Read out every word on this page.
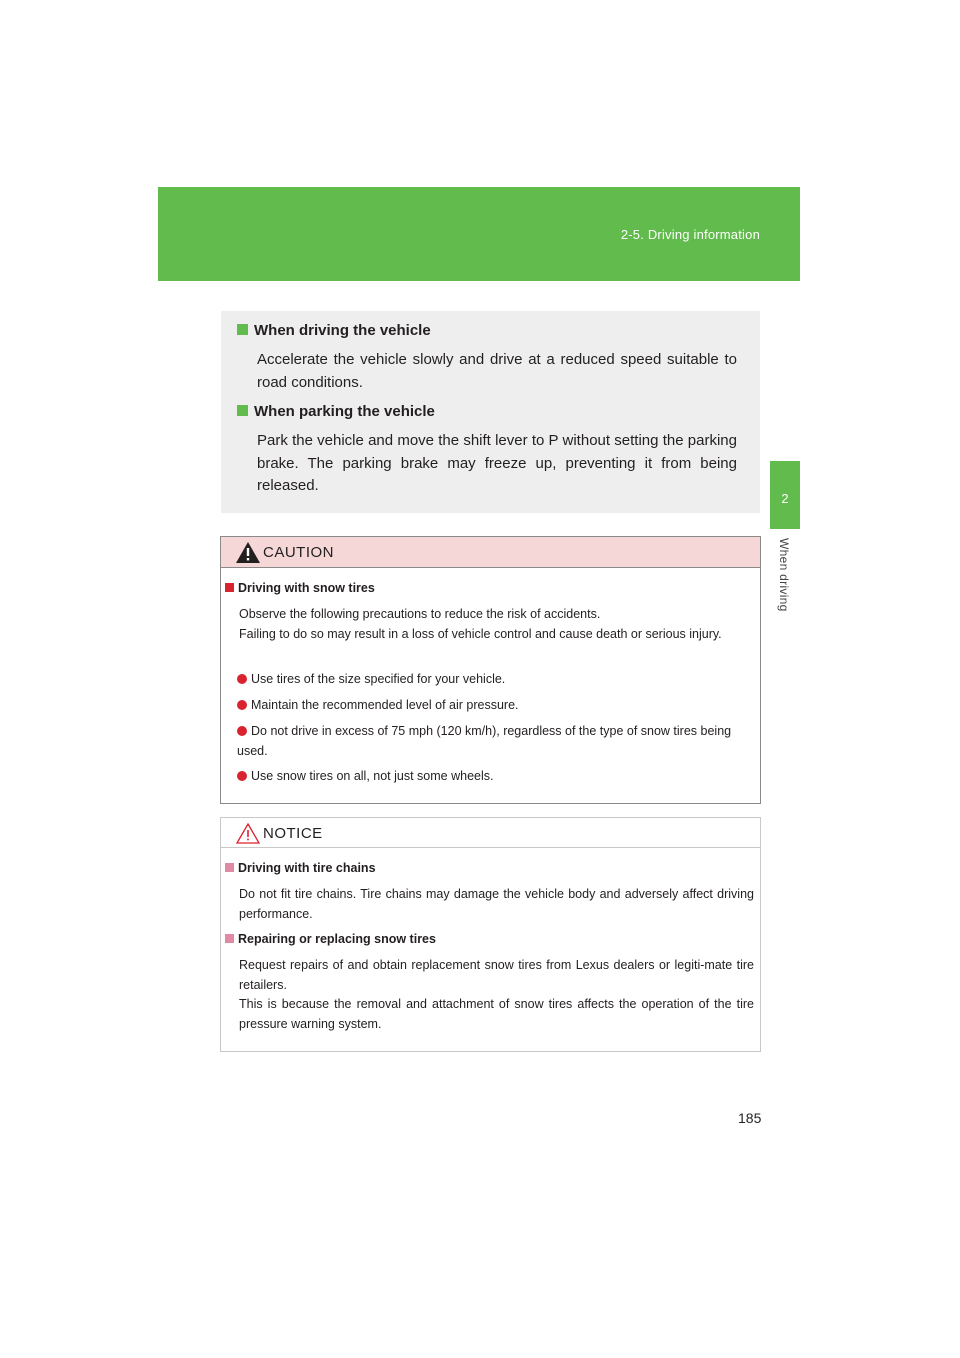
2-5. Driving information
2
When driving
When driving the vehicle
Accelerate the vehicle slowly and drive at a reduced speed suitable to road conditions.
When parking the vehicle
Park the vehicle and move the shift lever to P without setting the parking brake. The parking brake may freeze up, preventing it from being released.
CAUTION
Driving with snow tires
Observe the following precautions to reduce the risk of accidents.
Failing to do so may result in a loss of vehicle control and cause death or serious injury.
Use tires of the size specified for your vehicle.
Maintain the recommended level of air pressure.
Do not drive in excess of 75 mph (120 km/h), regardless of the type of snow tires being used.
Use snow tires on all, not just some wheels.
NOTICE
Driving with tire chains
Do not fit tire chains. Tire chains may damage the vehicle body and adversely affect driving performance.
Repairing or replacing snow tires
Request repairs of and obtain replacement snow tires from Lexus dealers or legiti-mate tire retailers.
This is because the removal and attachment of snow tires affects the operation of the tire pressure warning system.
185
